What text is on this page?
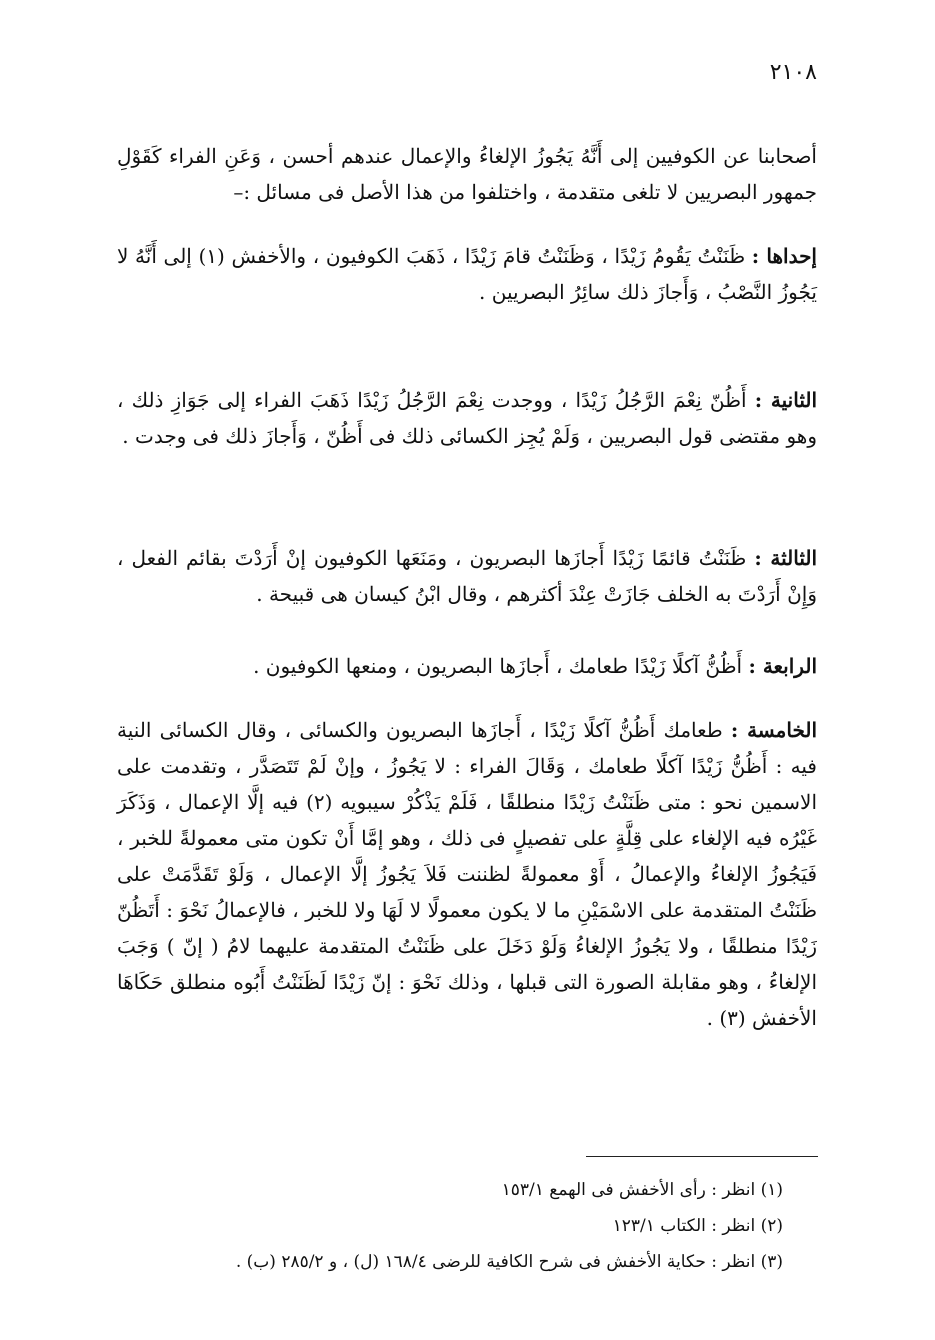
٢١٠٨

أصحابنا عن الكوفيين إلى أَنَّهُ يَجُوزُ الإلغاءُ والإعمال عندهم أحسن ، وَعَنِ الفراء كَقَوْلِ جمهور البصريين لا تلغى متقدمة ، واختلفوا من هذا الأصل فى مسائل :–

إحداها : ظَنَنْتُ يَقُومُ زَيْدًا ، وَظَنَنْتُ قامَ زَيْدًا ، ذَهَبَ الكوفيون ، والأخفش (١) إلى أَنَّهُ لا يَجُوزُ النَّصْبُ ، وَأَجازَ ذلك سائِرُ البصريين .

الثانية : أَظُنّ نِعْمَ الرَّجُلُ زَيْدًا ، ووجدت نِعْمَ الرَّجُلُ زَيْدًا ذَهَبَ الفراء إلى جَوَازِ ذلك ، وهو مقتضى قول البصريين ، وَلَمْ يُجِز الكسائى ذلك فى أَظُنّ ، وَأَجازَ ذلك فى وجدت .

الثالثة : ظَنَنْتُ قائمًا زَيْدًا أَجازَها البصريون ، ومَنَعَها الكوفيون إنْ أَرَدْتَ بقائم الفعل ، وَإِنْ أَرَدْتَ به الخلف جَازَتْ عِنْدَ أكثرهم ، وقال ابْنُ كيسان هى قبيحة .

الرابعة : أَظُنُّ آكلًا زَيْدًا طعامك ، أَجازَها البصريون ، ومنعها الكوفيون .

الخامسة : طعامك أَظُنُّ آكلًا زَيْدًا ، أَجازَها البصريون والكسائى ، وقال الكسائى النية فيه : أَظُنُّ زَيْدًا آكلًا طعامك ، وَقَالَ الفراء : لا يَجُوزُ ، وإنْ لَمْ تَتَصَدَّر ، وتقدمت على الاسمين نحو : متى ظَنَنْتُ زَيْدًا منطلقًا ، فَلَمْ يَذْكُرْ سيبويه (٢) فيه إلَّا الإعمال ، وَذَكَرَ غَيْرُه فيه الإلغاء على قِلَّةٍ على تفصيلٍ فى ذلك ، وهو إمَّا أَنْ تكون متى معمولةً للخبر ، فَيَجُوزُ الإلغاءُ والإعمالُ ، أَوْ معمولةً لظننت فَلاَ يَجُوزُ إلَّا الإعمال ، وَلَوْ تَقَدَّمَتْ على ظَنَنْتُ المتقدمة على الاسْمَيْنِ ما لا يكون معمولًا لا لَهَا ولا للخبر ، فالإعمالُ نَحْوَ : أَتَظُنّ زَيْدًا منطلقًا ، ولا يَجُوزُ الإلغاءُ وَلَوْ دَخَلَ على ظَنَنْتُ المتقدمة عليهما لامُ ( إنّ ) وَجَبَ الإلغاءُ ، وهو مقابلة الصورة التى قبلها ، وذلك نَحْوَ : إنّ زَيْدًا لَظَنَنْتُ أَبُوه منطلق حَكَاهَا الأخفش (٣) .

(١) انظر : رأى الأخفش فى الهمع ١٥٣/١

(٢) انظر : الكتاب ١٢٣/١

(٣) انظر : حكاية الأخفش فى شرح الكافية للرضى ١٦٨/٤ (ل) ، و ٢٨٥/٢ (ب) .
